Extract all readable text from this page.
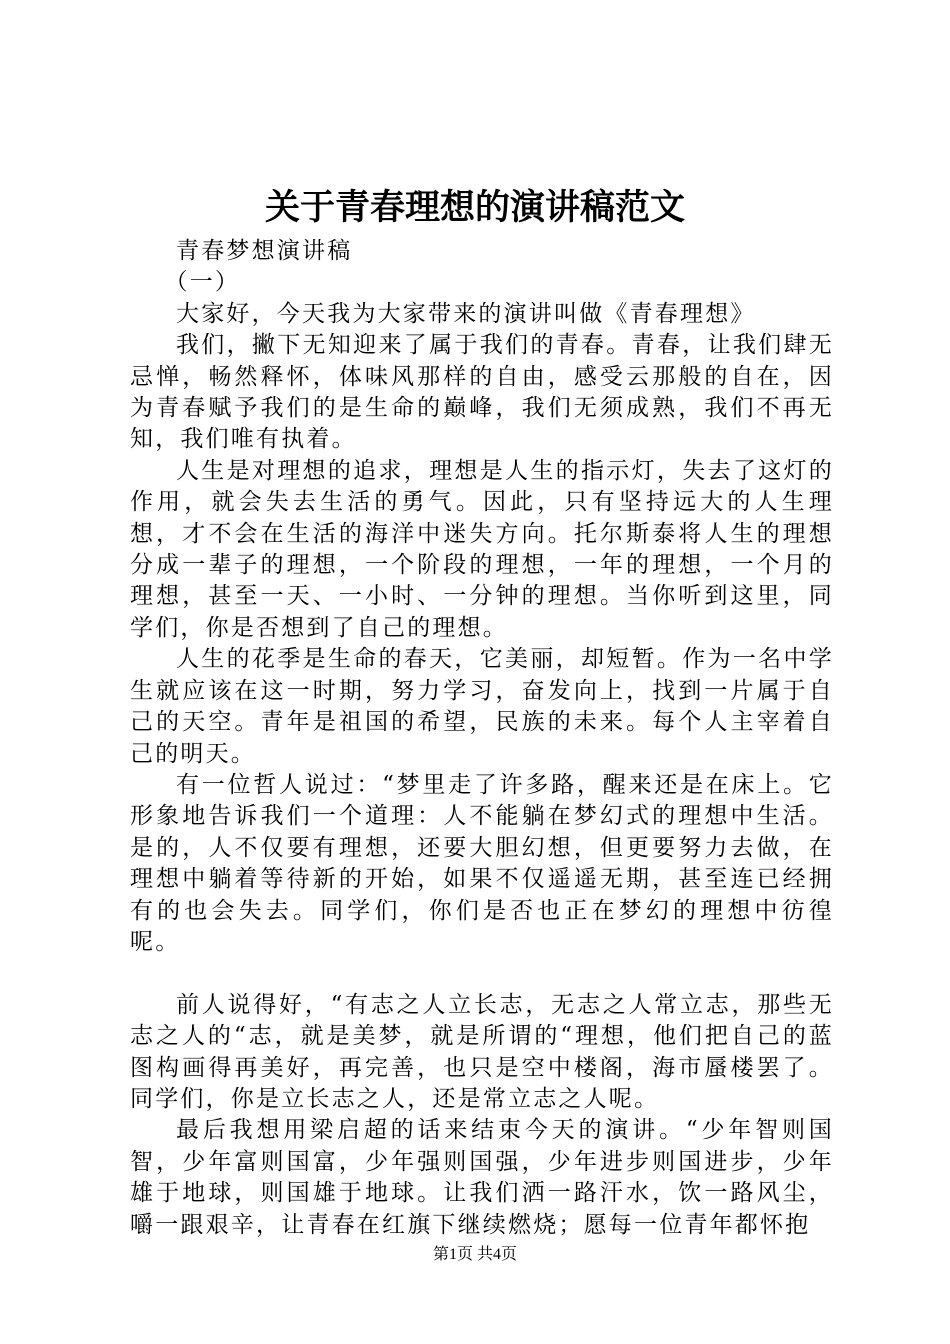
关于青春理想的演讲稿范文

青春梦想演讲稿

（一）

大家好，今天我为大家带来的演讲叫做《青春理想》

我们，撇下无知迎来了属于我们的青春。青春，让我们肆无忌惮，畅然释怀，体味风那样的自由，感受云那般的自在，因为青春赋予我们的是生命的巅峰，我们无须成熟，我们不再无知，我们唯有执着。

人生是对理想的追求，理想是人生的指示灯，失去了这灯的作用，就会失去生活的勇气。因此，只有坚持远大的人生理想，才不会在生活的海洋中迷失方向。托尔斯泰将人生的理想分成一辈子的理想，一个阶段的理想，一年的理想，一个月的理想，甚至一天、一小时、一分钟的理想。当你听到这里，同学们，你是否想到了自己的理想。

人生的花季是生命的春天，它美丽，却短暂。作为一名中学生就应该在这一时期，努力学习，奋发向上，找到一片属于自己的天空。青年是祖国的希望，民族的未来。每个人主宰着自己的明天。

有一位哲人说过：“梦里走了许多路，醒来还是在床上。它形象地告诉我们一个道理：人不能躺在梦幻式的理想中生活。是的，人不仅要有理想，还要大胆幻想，但更要努力去做，在理想中躺着等待新的开始，如果不仅遥遥无期，甚至连已经拥有的也会失去。同学们，你们是否也正在梦幻的理想中彷徨呢。

前人说得好，“有志之人立长志，无志之人常立志，那些无志之人的“志，就是美梦，就是所谓的“理想，他们把自己的蓝图构画得再美好，再完善，也只是空中楼阁，海市蜃楼罢了。同学们，你是立长志之人，还是常立志之人呢。

最后我想用梁启超的话来结束今天的演讲。“少年智则国智，少年富则国富，少年强则国强，少年进步则国进步，少年雄于地球，则国雄于地球。让我们洒一路汗水，饮一路风尘，嚼一跟艰辛，让青春在红旗下继续燃烧；愿每一位青年都怀抱

第1页 共4页
